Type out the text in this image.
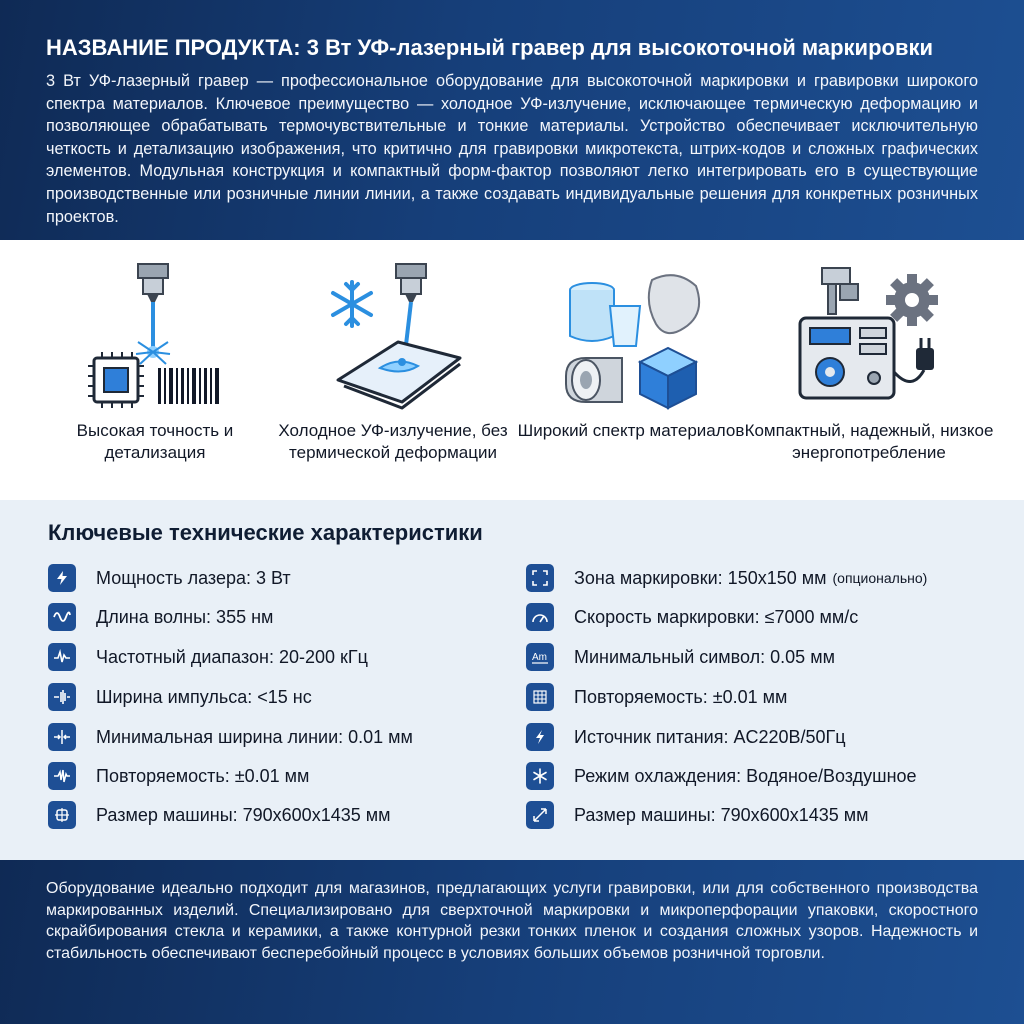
НАЗВАНИЕ ПРОДУКТА: 3 Вт УФ-лазерный гравер для высокоточной маркировки

3 Вт УФ-лазерный гравер — профессиональное оборудование для высокоточной маркировки и гравировки широкого спектра материалов. Ключевое преимущество — холодное УФ-излучение, исключающее термическую деформацию и позволяющее обрабатывать термочувствительные и тонкие материалы. Устройство обеспечивает исключительную четкость и детализацию изображения, что критично для гравировки микротекста, штрих-кодов и сложных графических элементов. Модульная конструкция и компактный форм-фактор позволяют легко интегрировать его в существующие производственные или розничные линии линии, а также создавать индивидуальные решения для конкретных розничных проектов.

Высокая точность и детализация
Холодное УФ-излучение, без термической деформации
Широкий спектр материалов Компактный, надежный, низкое энергопотребление
Ключевые технические характеристики
Мощность лазера: 3 Вт
Длина волны: 355 нм
Частотный диапазон: 20-200 кГц
Ширина импульса: <15 нс
Минимальная ширина линии: 0.01 мм
Повторяемость: ±0.01 мм
Размер машины: 790x600x1435 мм
Зона маркировки: 150x150 мм (опционально)
Скорость маркировки: ≤7000 мм/с
Am Минимальный символ: 0.05 мм
Повторяемость: ±0.01 мм
Источник питания: AC220В/50Гц
Режим охлаждения: Водяное/Воздушное
Размер машины: 790x600x1435 мм

Оборудование идеально подходит для магазинов, предлагающих услуги гравировки, или для собственного производства маркированных изделий. Специализировано для сверхточной маркировки и микроперфорации упаковки, скоростного скрайбирования стекла и керамики, а также контурной резки тонких пленок и создания сложных узоров. Надежность и стабильность обеспечивают бесперебойный процесс в условиях больших объемов розничной торговли.
